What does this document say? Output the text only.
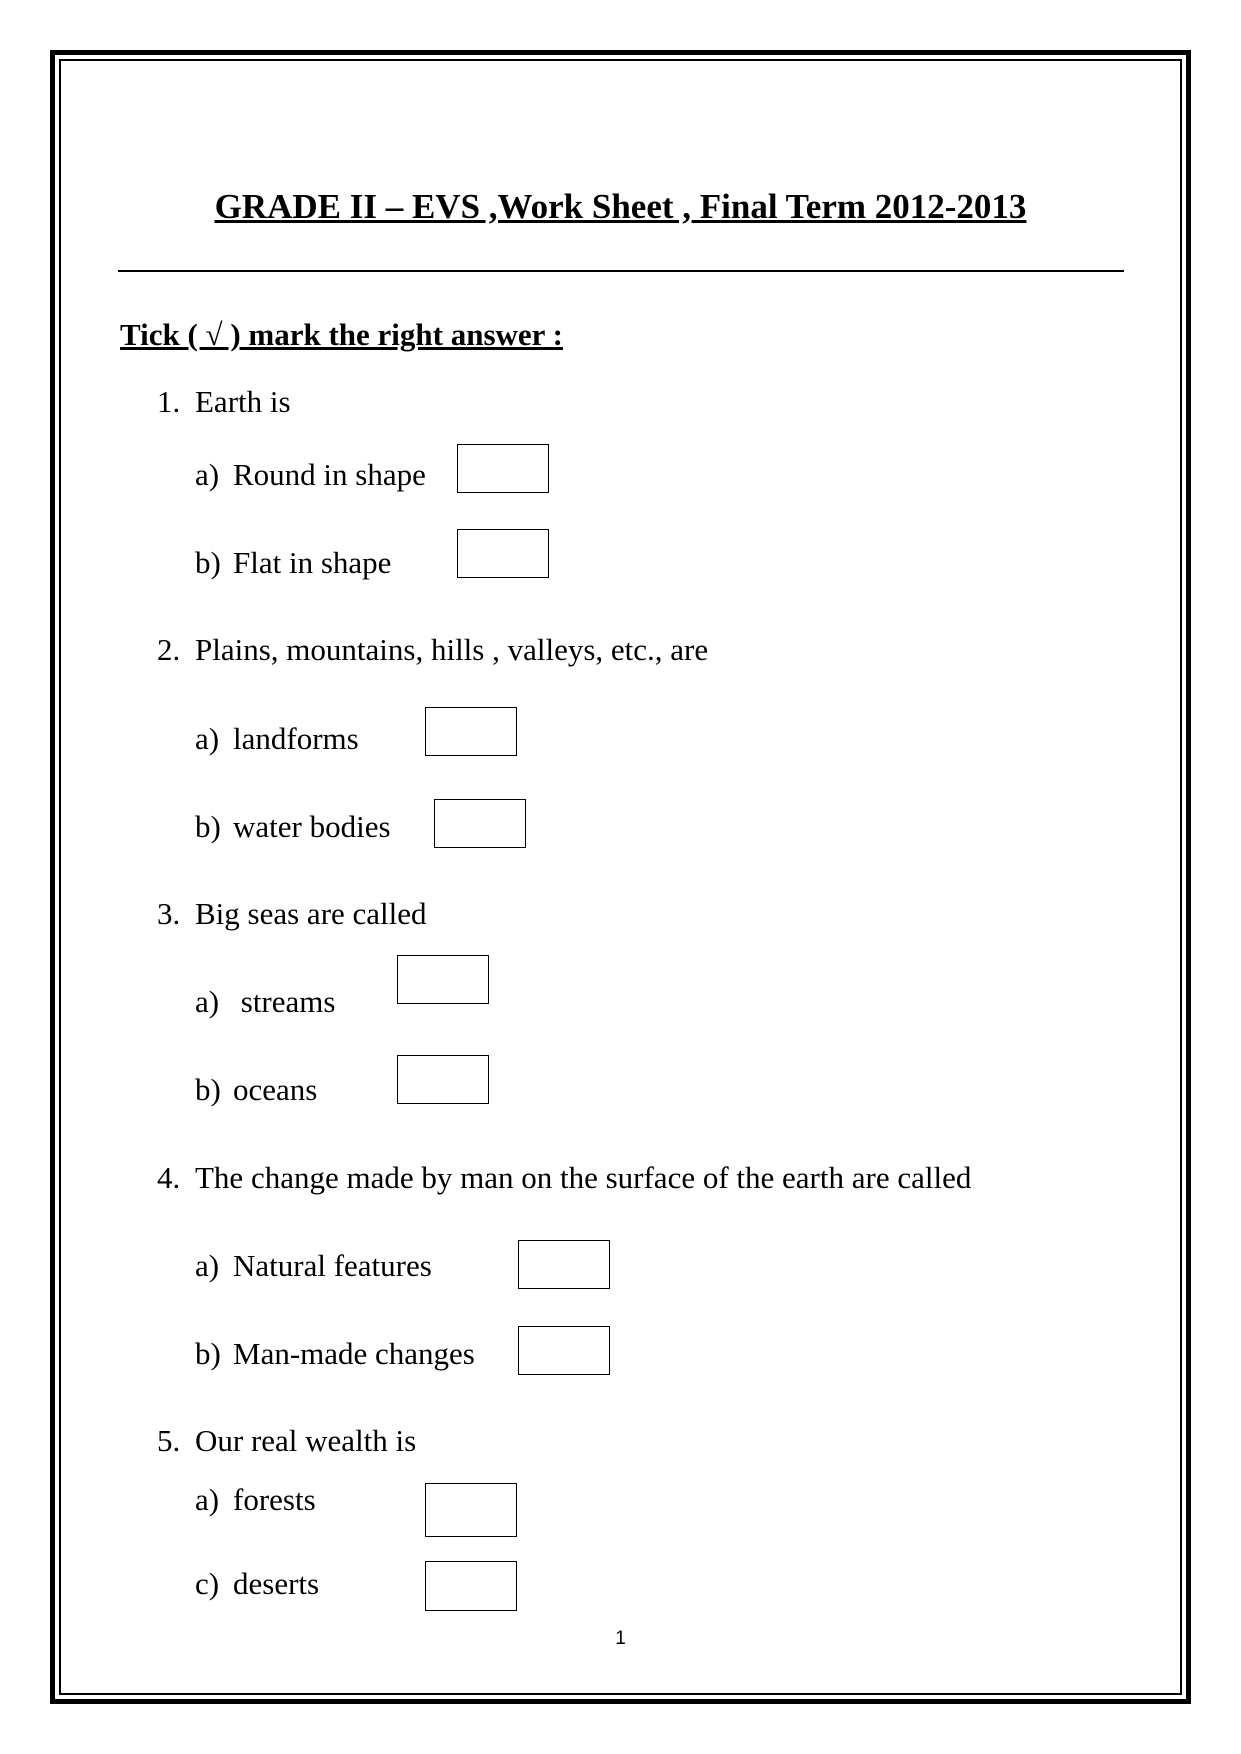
GRADE II – EVS ,Work Sheet , Final Term 2012-2013
Tick ( √ ) mark the right answer :
1. Earth is
a) Round in shape
b) Flat in shape
2. Plains, mountains, hills , valleys, etc., are
a) landforms
b) water bodies
3. Big seas are called
a) streams
b) oceans
4. The change made by man on the surface of the earth are called
a) Natural features
b) Man-made changes
5. Our real wealth is
a) forests
c) deserts
1
